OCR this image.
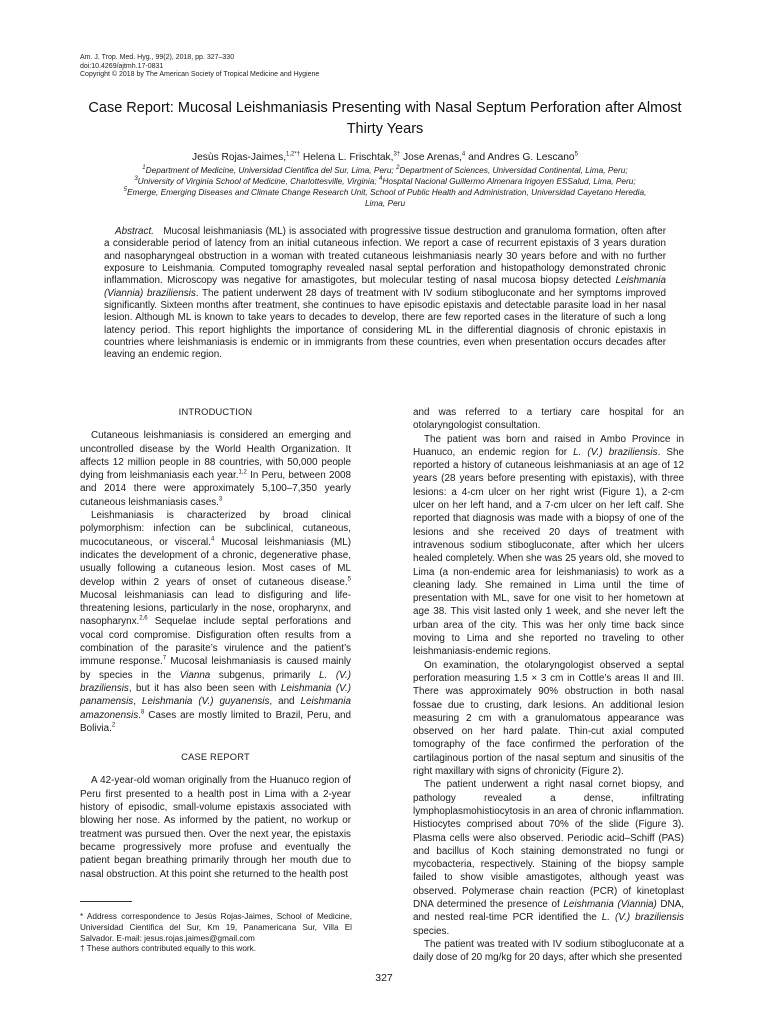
Am. J. Trop. Med. Hyg., 99(2), 2018, pp. 327–330
doi:10.4269/ajtmh.17-0831
Copyright © 2018 by The American Society of Tropical Medicine and Hygiene
Case Report: Mucosal Leishmaniasis Presenting with Nasal Septum Perforation after Almost
Thirty Years
Jesùs Rojas-Jaimes,$^{1,2*\dagger}$ Helena L. Frischtak,$^{3\dagger}$ Jose Arenas,$^4$ and Andres G. Lescano$^5$
$^1$Department of Medicine, Universidad Cientifica del Sur, Lima, Peru; $^2$Department of Sciences, Universidad Continental, Lima, Peru;
$^3$University of Virginia School of Medicine, Charlottesville, Virginia; $^4$Hospital Nacional Guillermo Almenara Irigoyen ESSalud, Lima, Peru;
$^5$Emerge, Emerging Diseases and Climate Change Research Unit, School of Public Health and Administration, Universidad Cayetano Heredia,
Lima, Peru

Abstract. Mucosal leishmaniasis (ML) is associated with progressive tissue destruction and granuloma formation, often after a considerable period of latency from an initial cutaneous infection. We report a case of recurrent epistaxis of 3 years duration and nasopharyngeal obstruction in a woman with treated cutaneous leishmaniasis nearly 30 years before and with no further exposure to Leishmania. Computed tomography revealed nasal septal perforation and histopathology demonstrated chronic inflammation. Microscopy was negative for amastigotes, but molecular testing of nasal mucosa biopsy detected Leishmania (Viannia) braziliensis. The patient underwent 28 days of treatment with IV sodium stibogluconate and her symptoms improved significantly. Sixteen months after treatment, she continues to have episodic epistaxis and detectable parasite load in her nasal lesion. Although ML is known to take years to decades to develop, there are few reported cases in the literature of such a long latency period. This report highlights the importance of considering ML in the differential diagnosis of chronic epistaxis in countries where leishmaniasis is endemic or in immigrants from these countries, even when presentation occurs decades after leaving an endemic region.

INTRODUCTION

Cutaneous leishmaniasis is considered an emerging and uncontrolled disease by the World Health Organization. It affects 12 million people in 88 countries, with 50,000 people dying from leishmaniasis each year.$^{1,2}$ In Peru, between 2008 and 2014 there were approximately 5,100–7,350 yearly cutaneous leishmaniasis cases.$^3$

Leishmaniasis is characterized by broad clinical polymorphism: infection can be subclinical, cutaneous, mucocutaneous, or visceral.$^4$ Mucosal leishmaniasis (ML) indicates the development of a chronic, degenerative phase, usually following a cutaneous lesion. Most cases of ML develop within 2 years of onset of cutaneous disease.$^5$ Mucosal leishmaniasis can lead to disfiguring and life-threatening lesions, particularly in the nose, oropharynx, and nasopharynx.$^{2,6}$ Sequelae include septal perforations and vocal cord compromise. Disfiguration often results from a combination of the parasite’s virulence and the patient’s immune response.$^7$ Mucosal leishmaniasis is caused mainly by species in the Vianna subgenus, primarily L. (V.) braziliensis, but it has also been seen with Leishmania (V.) panamensis, Leishmania (V.) guyanensis, and Leishmania amazonensis.$^8$ Cases are mostly limited to Brazil, Peru, and Bolivia.$^2$

CASE REPORT

A 42-year-old woman originally from the Huanuco region of Peru first presented to a health post in Lima with a 2-year history of episodic, small-volume epistaxis associated with blowing her nose. As informed by the patient, no workup or treatment was pursued then. Over the next year, the epistaxis became progressively more profuse and eventually the patient began breathing primarily through her mouth due to nasal obstruction. At this point she returned to the health post

and was referred to a tertiary care hospital for an otolaryngologist consultation.

The patient was born and raised in Ambo Province in Huanuco, an endemic region for L. (V.) braziliensis. She reported a history of cutaneous leishmaniasis at an age of 12 years (28 years before presenting with epistaxis), with three lesions: a 4-cm ulcer on her right wrist (Figure 1), a 2-cm ulcer on her left hand, and a 7-cm ulcer on her left calf. She reported that diagnosis was made with a biopsy of one of the lesions and she received 20 days of treatment with intravenous sodium stibogluconate, after which her ulcers healed completely. When she was 25 years old, she moved to Lima (a non-endemic area for leishmaniasis) to work as a cleaning lady. She remained in Lima until the time of presentation with ML, save for one visit to her hometown at age 38. This visit lasted only 1 week, and she never left the urban area of the city. This was her only time back since moving to Lima and she reported no traveling to other leishmaniasis-endemic regions.

On examination, the otolaryngologist observed a septal perforation measuring 1.5 × 3 cm in Cottle’s areas II and III. There was approximately 90% obstruction in both nasal fossae due to crusting, dark lesions. An additional lesion measuring 2 cm with a granulomatous appearance was observed on her hard palate. Thin-cut axial computed tomography of the face confirmed the perforation of the cartilaginous portion of the nasal septum and sinusitis of the right maxillary with signs of chronicity (Figure 2).

The patient underwent a right nasal cornet biopsy, and pathology revealed a dense, infiltrating lymphoplasmohistiocytosis in an area of chronic inflammation. Histiocytes comprised about 70% of the slide (Figure 3). Plasma cells were also observed. Periodic acid–Schiff (PAS) and bacillus of Koch staining demonstrated no fungi or mycobacteria, respectively. Staining of the biopsy sample failed to show visible amastigotes, although yeast was observed. Polymerase chain reaction (PCR) of kinetoplast DNA determined the presence of Leishmania (Viannia) DNA, and nested real-time PCR identified the L. (V.) braziliensis species.

The patient was treated with IV sodium stibogluconate at a daily dose of 20 mg/kg for 20 days, after which she presented

* Address correspondence to Jesùs Rojas-Jaimes, School of Medicine, Universidad Cientifica del Sur, Km 19, Panamericana Sur, Villa El Salvador. E-mail: jesus.rojas.jaimes@gmail.com
† These authors contributed equally to this work.
327
